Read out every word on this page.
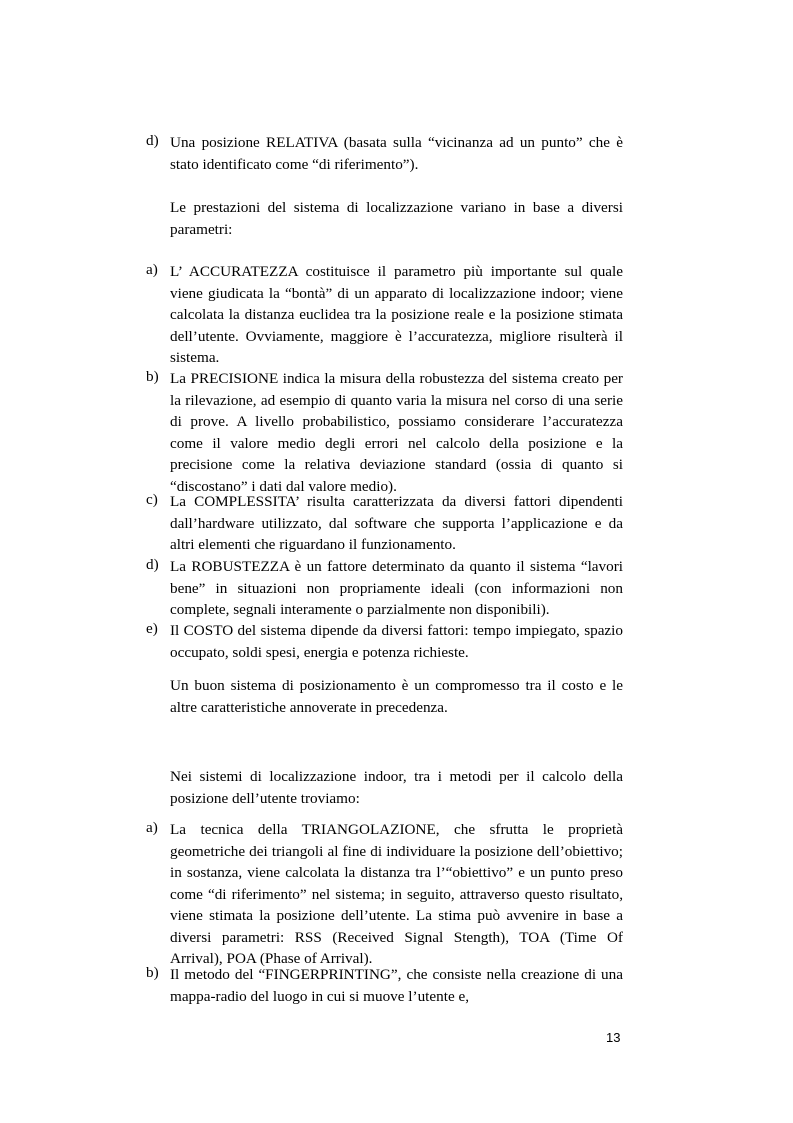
d) Una posizione RELATIVA (basata sulla “vicinanza ad un punto” che è stato identificato come “di riferimento”).
Le prestazioni del sistema di localizzazione variano in base a diversi parametri:
a) L’ ACCURATEZZA costituisce il parametro più importante sul quale viene giudicata la “bontà” di un apparato di localizzazione indoor; viene calcolata la distanza euclidea tra la posizione reale e la posizione stimata dell’utente. Ovviamente, maggiore è l’accuratezza, migliore risulterà il sistema.
b) La PRECISIONE indica la misura della robustezza del sistema creato per la rilevazione, ad esempio di quanto varia la misura nel corso di una serie di prove. A livello probabilistico, possiamo considerare l’accuratezza come il valore medio degli errori nel calcolo della posizione e la precisione come la relativa deviazione standard (ossia di quanto si “discostano” i dati dal valore medio).
c) La COMPLESSITA’ risulta caratterizzata da diversi fattori dipendenti dall’hardware utilizzato, dal software che supporta l’applicazione e da altri elementi che riguardano il funzionamento.
d) La ROBUSTEZZA è un fattore determinato da quanto il sistema “lavori bene” in situazioni non propriamente ideali (con informazioni non complete, segnali interamente o parzialmente non disponibili).
e) Il COSTO del sistema dipende da diversi fattori: tempo impiegato, spazio occupato, soldi spesi, energia e potenza richieste.
Un buon sistema di posizionamento è un compromesso tra il costo e le altre caratteristiche annoverate in precedenza.
Nei sistemi di localizzazione indoor, tra i metodi per il calcolo della posizione dell’utente troviamo:
a) La tecnica della TRIANGOLAZIONE, che sfrutta le proprietà geometriche dei triangoli al fine di individuare la posizione dell’obiettivo; in sostanza, viene calcolata la distanza tra l’“obiettivo” e un punto preso come “di riferimento” nel sistema; in seguito, attraverso questo risultato, viene stimata la posizione dell’utente. La stima può avvenire in base a diversi parametri: RSS (Received Signal Stength), TOA (Time Of Arrival), POA (Phase of Arrival).
b) Il metodo del “FINGERPRINTING”, che consiste nella creazione di una mappa-radio del luogo in cui si muove l’utente e,
13
